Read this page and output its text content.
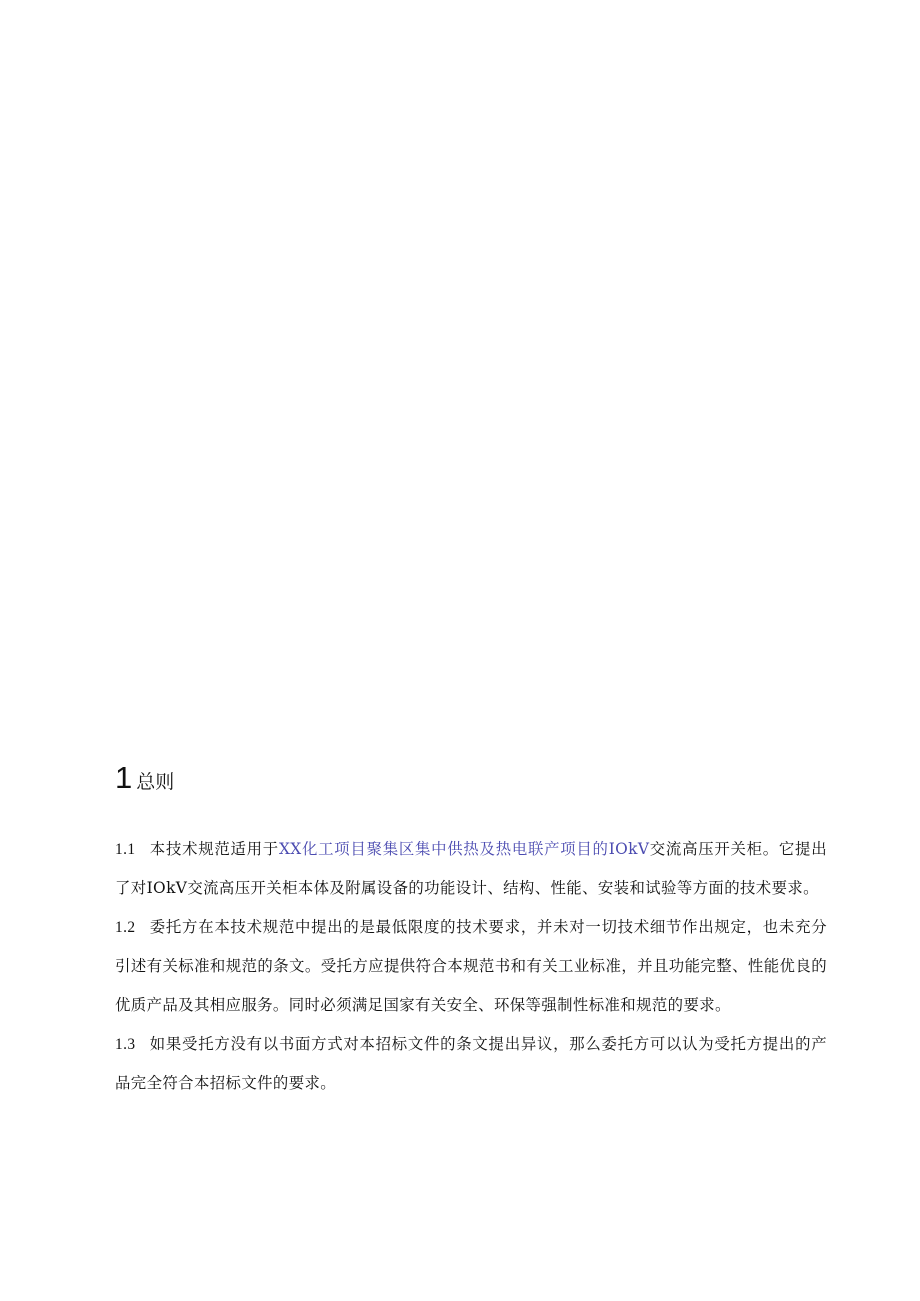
1 总则

1.1 本技术规范适用于XX化工项目聚集区集中供热及热电联产项目的IOkV交流高压开关柜。它提出了对IOkV交流高压开关柜本体及附属设备的功能设计、结构、性能、安装和试验等方面的技术要求。

1.2 委托方在本技术规范中提出的是最低限度的技术要求，并未对一切技术细节作出规定，也未充分引述有关标准和规范的条文。受托方应提供符合本规范书和有关工业标准，并且功能完整、性能优良的优质产品及其相应服务。同时必须满足国家有关安全、环保等强制性标准和规范的要求。

1.3 如果受托方没有以书面方式对本招标文件的条文提出异议，那么委托方可以认为受托方提出的产品完全符合本招标文件的要求。
